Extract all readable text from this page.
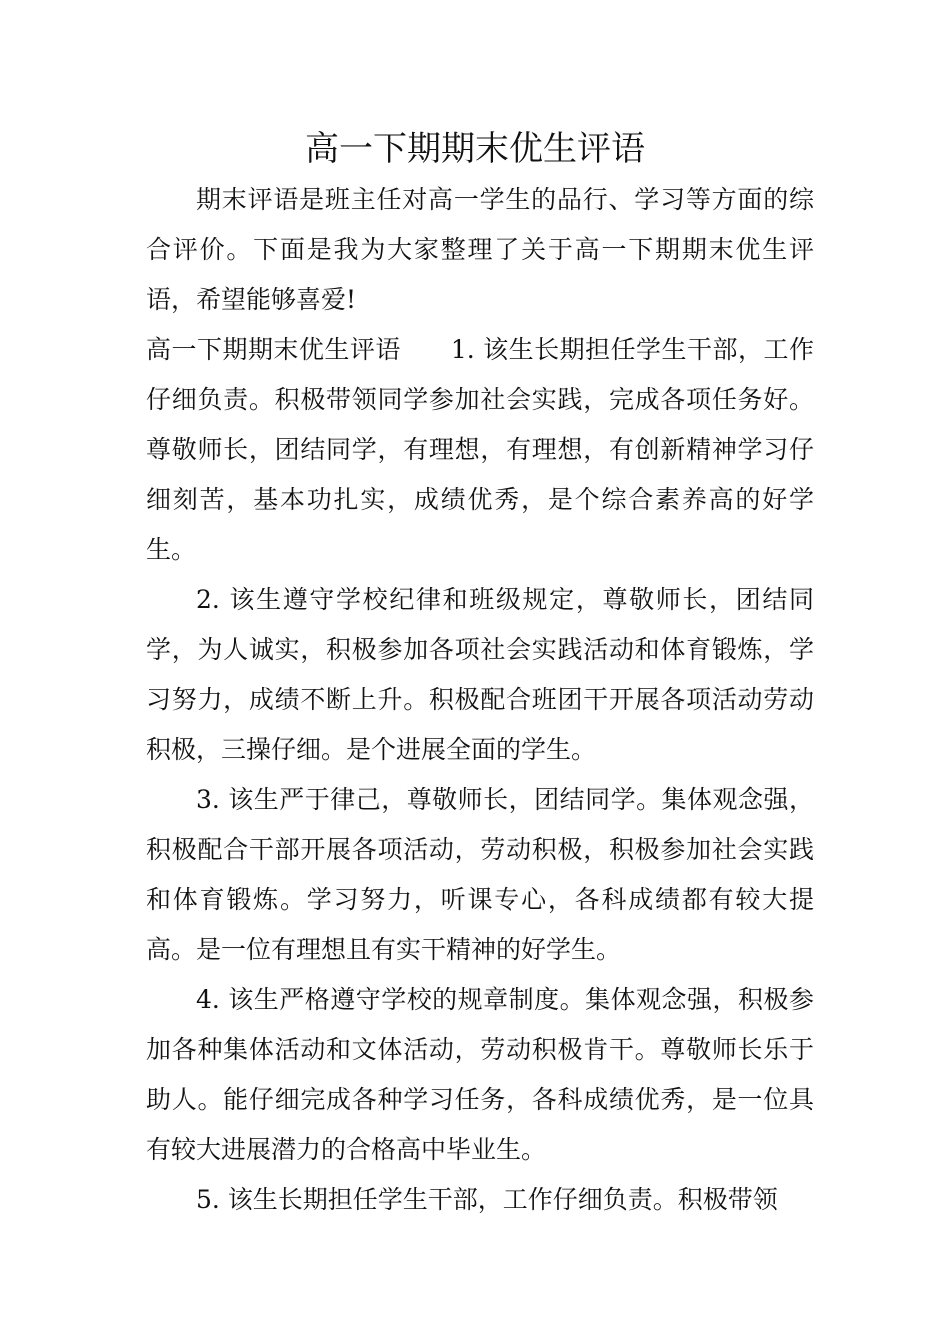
高一下期期末优生评语

期末评语是班主任对高一学生的品行、学习等方面的综合评价。下面是我为大家整理了关于高一下期期末优生评语，希望能够喜爱!

高一下期期末优生评语 1. 该生长期担任学生干部，工作仔细负责。积极带领同学参加社会实践，完成各项任务好。尊敬师长，团结同学，有理想，有理想，有创新精神学习仔细刻苦，基本功扎实，成绩优秀，是个综合素养高的好学生。

2. 该生遵守学校纪律和班级规定，尊敬师长，团结同学，为人诚实，积极参加各项社会实践活动和体育锻炼，学习努力，成绩不断上升。积极配合班团干开展各项活动劳动积极，三操仔细。是个进展全面的学生。

3. 该生严于律己，尊敬师长，团结同学。集体观念强，积极配合干部开展各项活动，劳动积极，积极参加社会实践和体育锻炼。学习努力，听课专心，各科成绩都有较大提高。是一位有理想且有实干精神的好学生。

4. 该生严格遵守学校的规章制度。集体观念强，积极参加各种集体活动和文体活动，劳动积极肯干。尊敬师长乐于助人。能仔细完成各种学习任务，各科成绩优秀，是一位具有较大进展潜力的合格高中毕业生。

5. 该生长期担任学生干部，工作仔细负责。积极带领
